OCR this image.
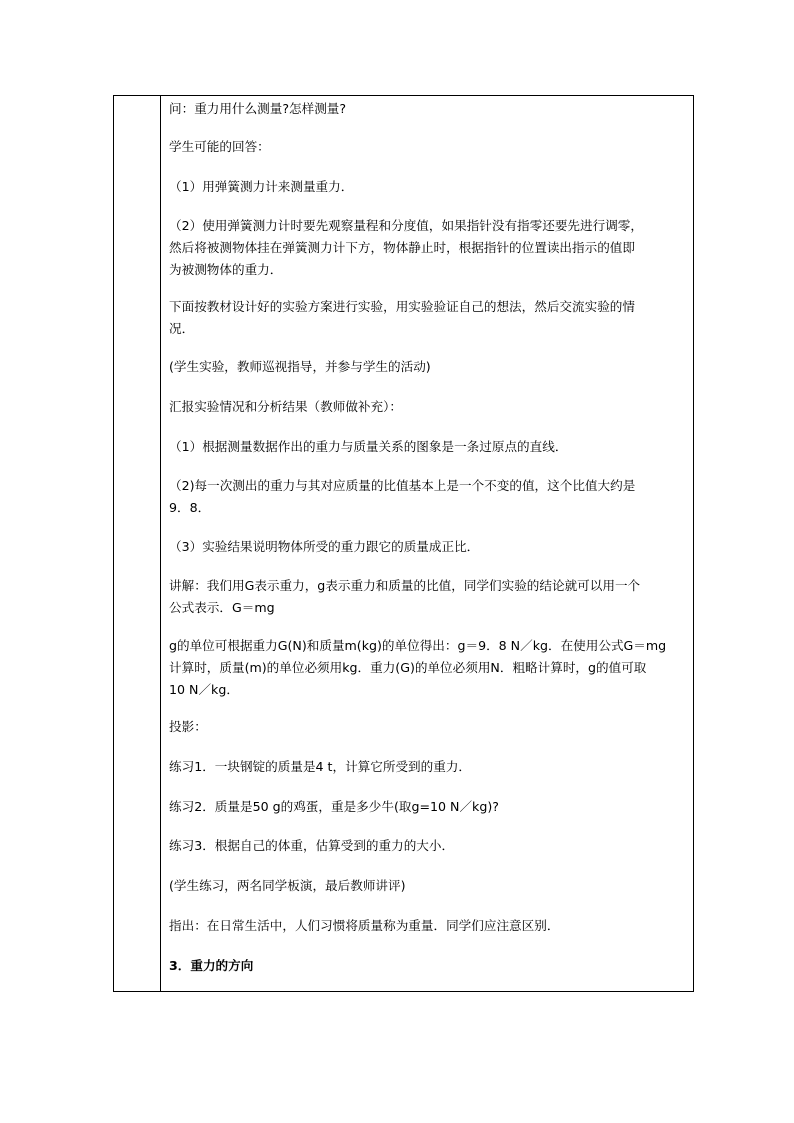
问：重力用什么测量?怎样测量?

学生可能的回答：

（1）用弹簧测力计来测量重力．

（2）使用弹簧测力计时要先观察量程和分度值，如果指针没有指零还要先进行调零，
然后将被测物体挂在弹簧测力计下方，物体静止时，根据指针的位置读出指示的值即
为被测物体的重力．

下面按教材设计好的实验方案进行实验，用实验验证自己的想法，然后交流实验的情
况．

(学生实验，教师巡视指导，并参与学生的活动)

汇报实验情况和分析结果（教师做补充）：

（1）根据测量数据作出的重力与质量关系的图象是一条过原点的直线．

（2)每一次测出的重力与其对应质量的比值基本上是一个不变的值，这个比值大约是
9．8．

（3）实验结果说明物体所受的重力跟它的质量成正比．

讲解：我们用G表示重力，g表示重力和质量的比值，同学们实验的结论就可以用一个
公式表示．G＝mg

g的单位可根据重力G(N)和质量m(kg)的单位得出：g＝9．8 N／kg．在使用公式G＝mg
计算时，质量(m)的单位必须用kg．重力(G)的单位必须用N．粗略计算时，g的值可取
10 N／kg．

投影：

练习1．一块钢锭的质量是4 t，计算它所受到的重力．

练习2．质量是50 g的鸡蛋，重是多少牛(取g=10 N／kg)?

练习3．根据自己的体重，估算受到的重力的大小．

(学生练习，两名同学板演，最后教师讲评)

指出：在日常生活中，人们习惯将质量称为重量．同学们应注意区别．

3．重力的方向
